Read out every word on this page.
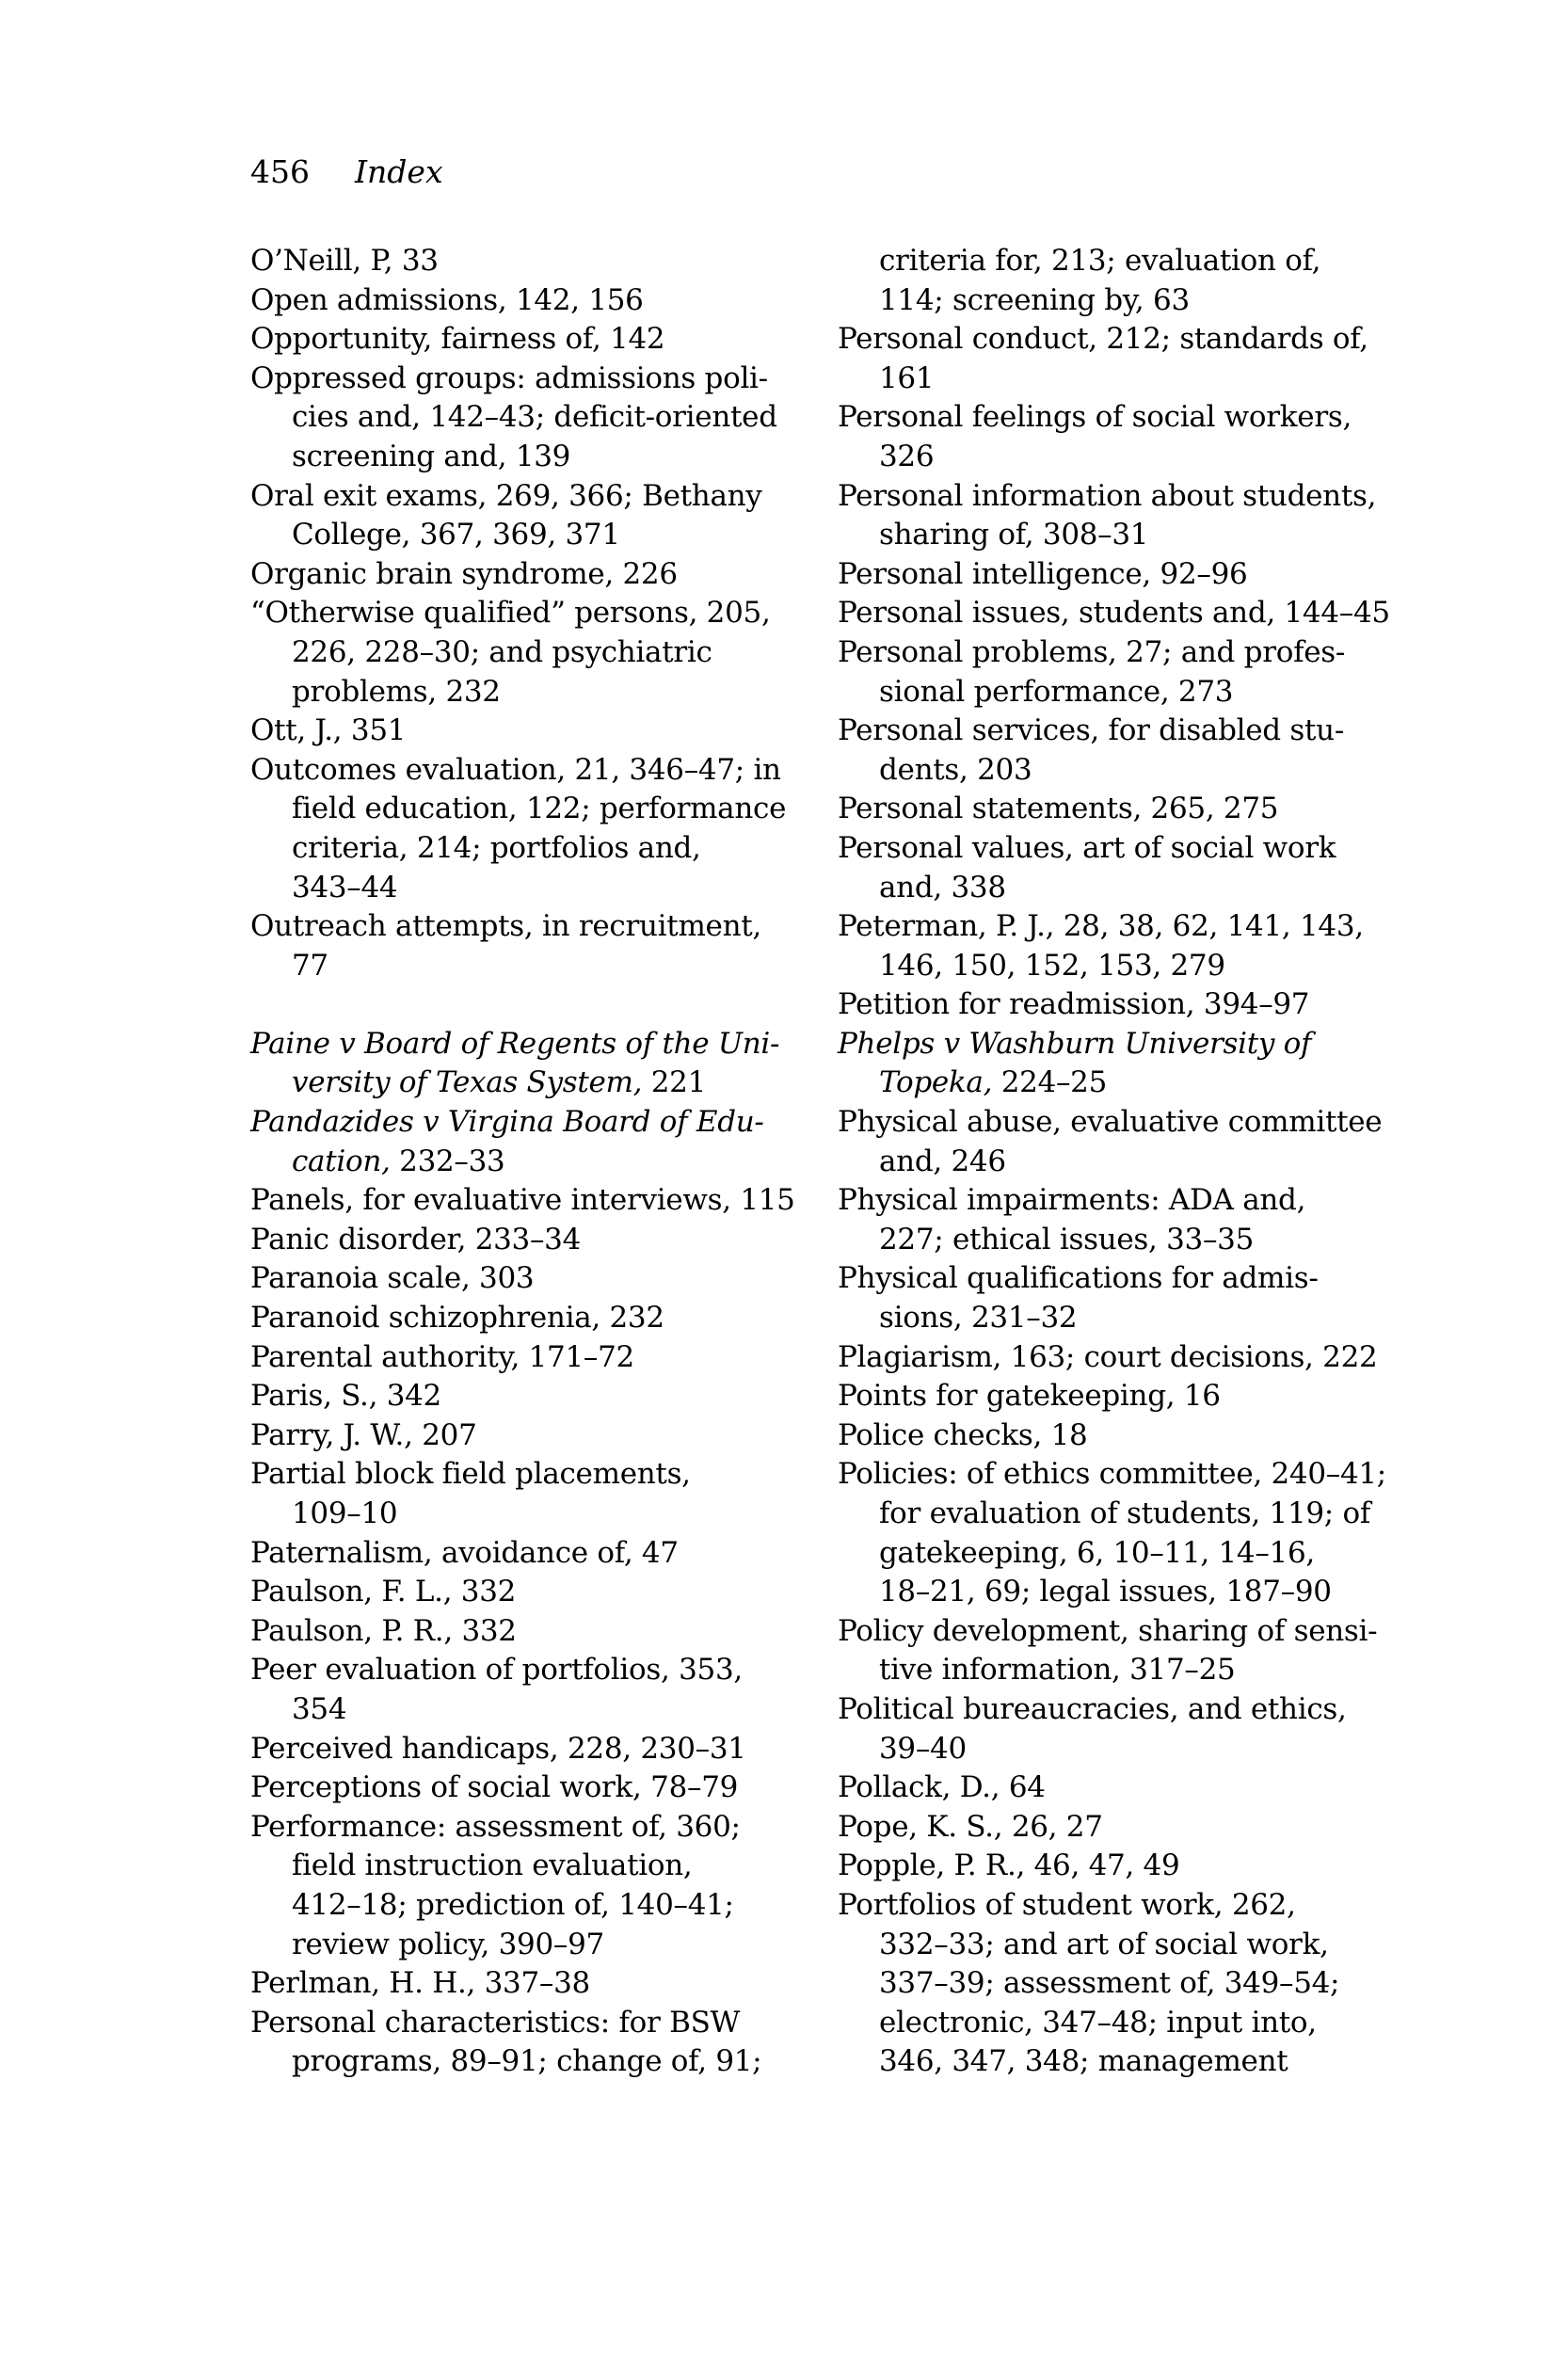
456 Index
O’Neill, P, 33
Open admissions, 142, 156
Opportunity, fairness of, 142
Oppressed groups: admissions poli-
cies and, 142–43; deficit-oriented
screening and, 139
Oral exit exams, 269, 366; Bethany
College, 367, 369, 371
Organic brain syndrome, 226
“Otherwise qualified” persons, 205,
226, 228–30; and psychiatric
problems, 232
Ott, J., 351
Outcomes evaluation, 21, 346–47; in
field education, 122; performance
criteria, 214; portfolios and,
343–44
Outreach attempts, in recruitment,
77
Paine v Board of Regents of the Uni-
versity of Texas System, 221
Pandazides v Virgina Board of Edu-
cation, 232–33
Panels, for evaluative interviews, 115
Panic disorder, 233–34
Paranoia scale, 303
Paranoid schizophrenia, 232
Parental authority, 171–72
Paris, S., 342
Parry, J. W., 207
Partial block field placements,
109–10
Paternalism, avoidance of, 47
Paulson, F. L., 332
Paulson, P. R., 332
Peer evaluation of portfolios, 353,
354
Perceived handicaps, 228, 230–31
Perceptions of social work, 78–79
Performance: assessment of, 360;
field instruction evaluation,
412–18; prediction of, 140–41;
review policy, 390–97
Perlman, H. H., 337–38
Personal characteristics: for BSW
programs, 89–91; change of, 91;
criteria for, 213; evaluation of,
114; screening by, 63
Personal conduct, 212; standards of,
161
Personal feelings of social workers,
326
Personal information about students,
sharing of, 308–31
Personal intelligence, 92–96
Personal issues, students and, 144–45
Personal problems, 27; and profes-
sional performance, 273
Personal services, for disabled stu-
dents, 203
Personal statements, 265, 275
Personal values, art of social work
and, 338
Peterman, P. J., 28, 38, 62, 141, 143,
146, 150, 152, 153, 279
Petition for readmission, 394–97
Phelps v Washburn University of
Topeka, 224–25
Physical abuse, evaluative committee
and, 246
Physical impairments: ADA and,
227; ethical issues, 33–35
Physical qualifications for admis-
sions, 231–32
Plagiarism, 163; court decisions, 222
Points for gatekeeping, 16
Police checks, 18
Policies: of ethics committee, 240–41;
for evaluation of students, 119; of
gatekeeping, 6, 10–11, 14–16,
18–21, 69; legal issues, 187–90
Policy development, sharing of sensi-
tive information, 317–25
Political bureaucracies, and ethics,
39–40
Pollack, D., 64
Pope, K. S., 26, 27
Popple, P. R., 46, 47, 49
Portfolios of student work, 262,
332–33; and art of social work,
337–39; assessment of, 349–54;
electronic, 347–48; input into,
346, 347, 348; management
